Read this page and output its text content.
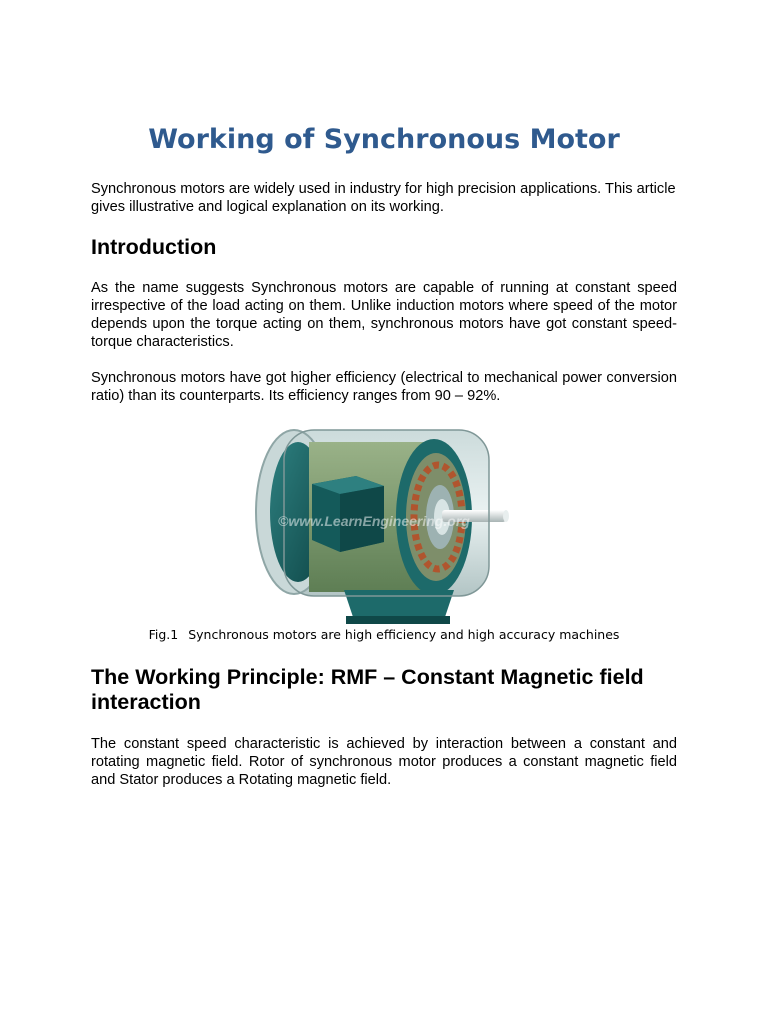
Working of Synchronous Motor

Synchronous motors are widely used in industry for high precision applications. This article gives illustrative and logical explanation on its working.

Introduction

As the name suggests Synchronous motors are capable of running at constant speed irrespective of the load acting on them. Unlike induction motors where speed of the motor depends upon the torque acting on them, synchronous motors have got constant speed-torque characteristics.

Synchronous motors have got higher efficiency (electrical to mechanical power conversion ratio) than its counterparts. Its efficiency ranges from 90 – 92%.

©www.LearnEngineering.org

Fig.1 Synchronous motors are high efficiency and high accuracy machines

The Working Principle: RMF – Constant Magnetic field interaction

The constant speed characteristic is achieved by interaction between a constant and rotating magnetic field. Rotor of synchronous motor produces a constant magnetic field and Stator produces a Rotating magnetic field.
